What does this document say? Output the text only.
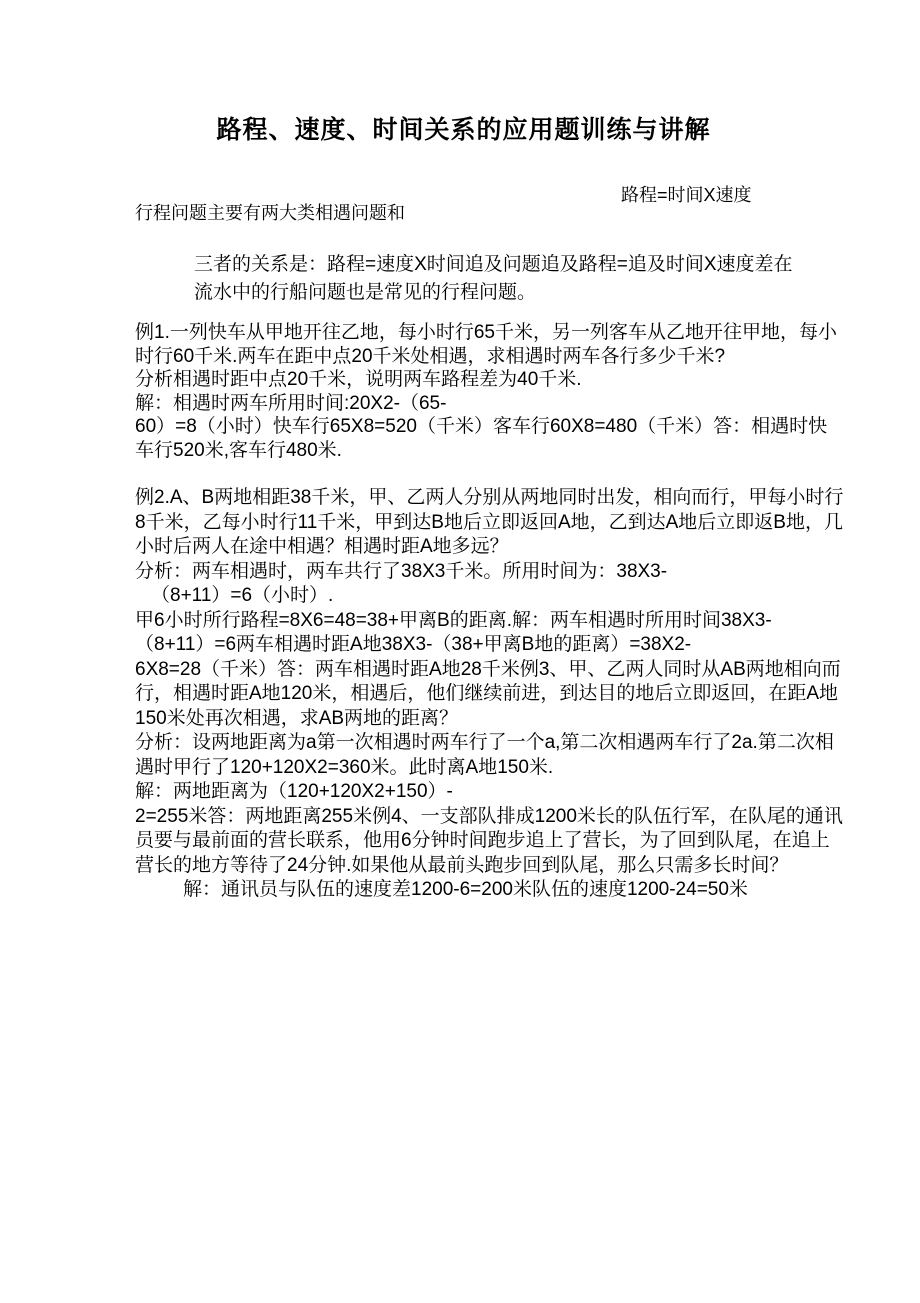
路程、速度、时间关系的应用题训练与讲解
路程=时间X速度
行程问题主要有两大类相遇问题和
三者的关系是：路程=速度X时间追及问题追及路程=追及时间X速度差在
流水中的行船问题也是常见的行程问题。
例1.一列快车从甲地开往乙地，每小时行65千米，另一列客车从乙地开往甲地，每小
时行60千米.两车在距中点20千米处相遇，求相遇时两车各行多少千米?
分析相遇时距中点20千米，说明两车路程差为40千米.
解：相遇时两车所用时间:20X2-（65-
60）=8（小时）快车行65X8=520（千米）客车行60X8=480（千米）答：相遇时快
车行520米,客车行480米.
例2.A、B两地相距38千米，甲、乙两人分别从两地同时出发，相向而行，甲每小时行
8千米，乙每小时行11千米，甲到达B地后立即返回A地，乙到达A地后立即返B地，几
小时后两人在途中相遇？相遇时距A地多远？
分析：两车相遇时，两车共行了38X3千米。所用时间为：38X3-
（8+11）=6（小时）.
甲6小时所行路程=8X6=48=38+甲离B的距离.解：两车相遇时所用时间38X3-
（8+11）=6两车相遇时距A地38X3-（38+甲离B地的距离）=38X2-
6X8=28（千米）答：两车相遇时距A地28千米例3、甲、乙两人同时从AB两地相向而
行，相遇时距A地120米，相遇后，他们继续前进，到达目的地后立即返回，在距A地
150米处再次相遇，求AB两地的距离？
分析：设两地距离为a第一次相遇时两车行了一个a,第二次相遇两车行了2a.第二次相
遇时甲行了120+120X2=360米。此时离A地150米.
解：两地距离为（120+120X2+150）-
2=255米答：两地距离255米例4、一支部队排成1200米长的队伍行军，在队尾的通讯
员要与最前面的营长联系，他用6分钟时间跑步追上了营长，为了回到队尾，在追上
营长的地方等待了24分钟.如果他从最前头跑步回到队尾，那么只需多长时间？
解：通讯员与队伍的速度差1200-6=200米队伍的速度1200-24=50米
